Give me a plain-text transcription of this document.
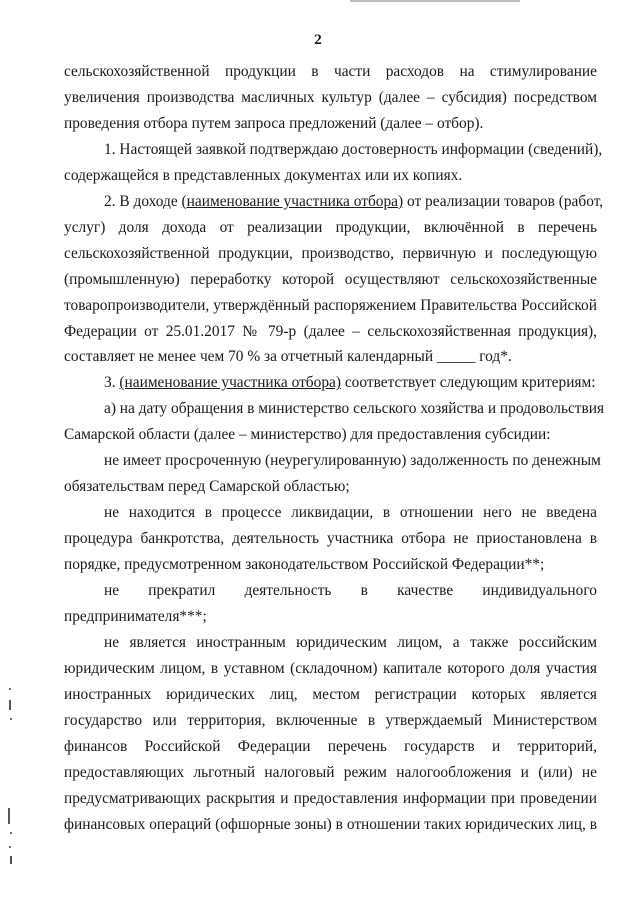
2
сельскохозяйственной продукции в части расходов на стимулирование
увеличения производства масличных культур (далее – субсидия) посредством
проведения отбора путем запроса предложений (далее – отбор).
1. Настоящей заявкой подтверждаю достоверность информации (сведений),
содержащейся в представленных документах или их копиях.
2. В доходе (наименование участника отбора) от реализации товаров (работ,
услуг) доля дохода от реализации продукции, включённой в перечень
сельскохозяйственной продукции, производство, первичную и последующую
(промышленную) переработку которой осуществляют сельскохозяйственные
товаропроизводители, утверждённый распоряжением Правительства Российской
Федерации от 25.01.2017 № 79-р (далее – сельскохозяйственная продукция),
составляет не менее чем 70 % за отчетный календарный _____ год*.
3. (наименование участника отбора) соответствует следующим критериям:
а) на дату обращения в министерство сельского хозяйства и продовольствия
Самарской области (далее – министерство) для предоставления субсидии:
не имеет просроченную (неурегулированную) задолженность по денежным
обязательствам перед Самарской областью;
не находится в процессе ликвидации, в отношении него не введена
процедура банкротства, деятельность участника отбора не приостановлена в
порядке, предусмотренном законодательством Российской Федерации**;
не прекратил деятельность в качестве индивидуального
предпринимателя***;
не является иностранным юридическим лицом, а также российским
юридическим лицом, в уставном (складочном) капитале которого доля участия
иностранных юридических лиц, местом регистрации которых является
государство или территория, включенные в утверждаемый Министерством
финансов Российской Федерации перечень государств и территорий,
предоставляющих льготный налоговый режим налогообложения и (или) не
предусматривающих раскрытия и предоставления информации при проведении
финансовых операций (офшорные зоны) в отношении таких юридических лиц, в
